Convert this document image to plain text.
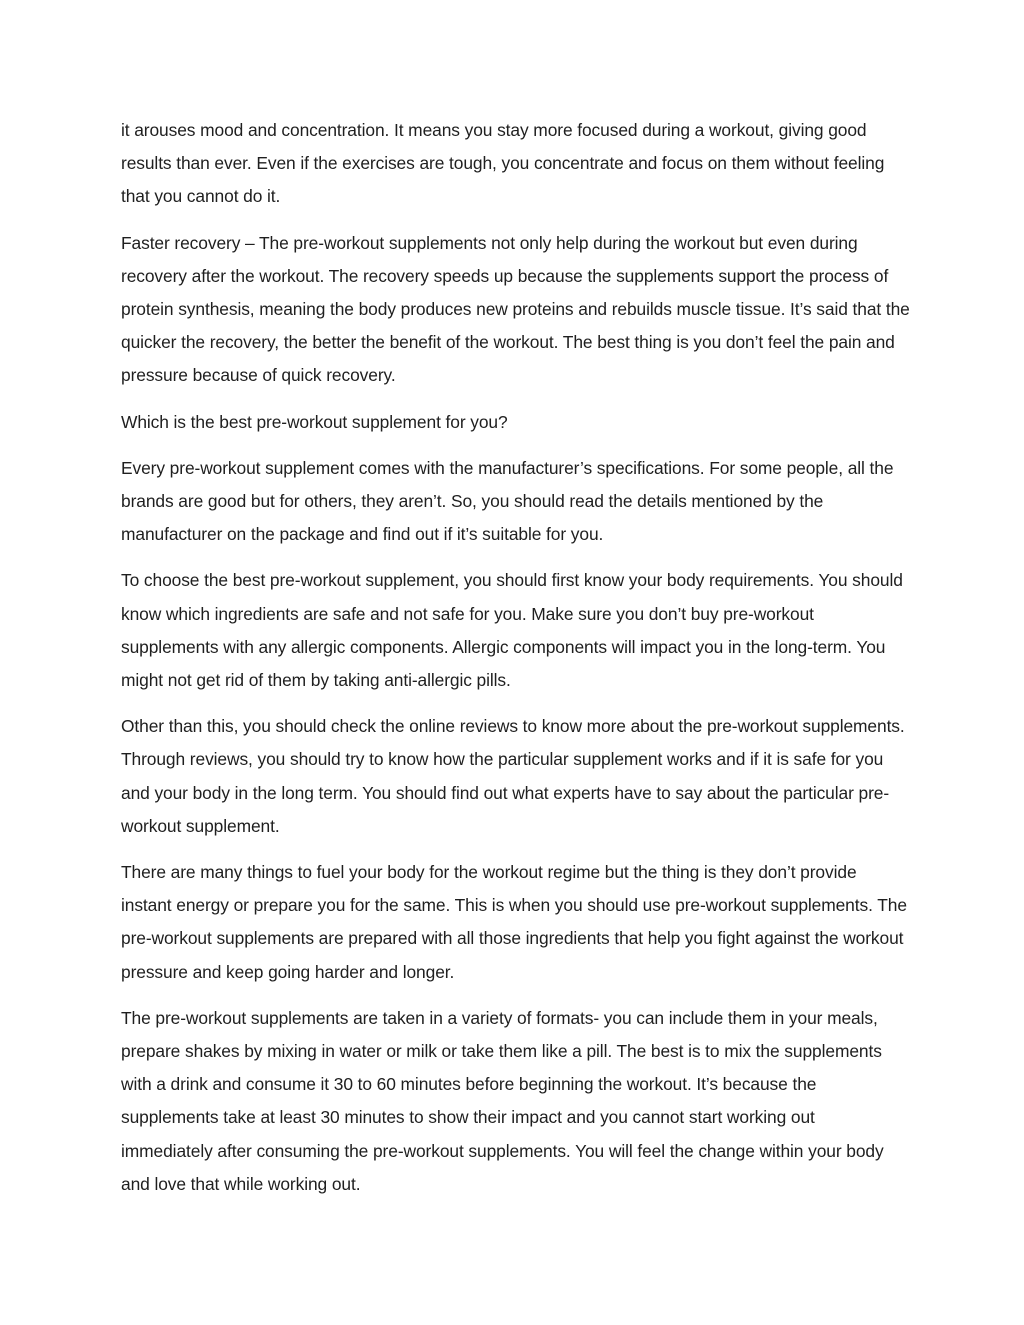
it arouses mood and concentration. It means you stay more focused during a workout, giving good results than ever. Even if the exercises are tough, you concentrate and focus on them without feeling that you cannot do it.

Faster recovery – The pre-workout supplements not only help during the workout but even during recovery after the workout. The recovery speeds up because the supplements support the process of protein synthesis, meaning the body produces new proteins and rebuilds muscle tissue. It’s said that the quicker the recovery, the better the benefit of the workout. The best thing is you don’t feel the pain and pressure because of quick recovery.

Which is the best pre-workout supplement for you?

Every pre-workout supplement comes with the manufacturer’s specifications. For some people, all the brands are good but for others, they aren’t. So, you should read the details mentioned by the manufacturer on the package and find out if it’s suitable for you.

To choose the best pre-workout supplement, you should first know your body requirements. You should know which ingredients are safe and not safe for you. Make sure you don’t buy pre-workout supplements with any allergic components. Allergic components will impact you in the long-term. You might not get rid of them by taking anti-allergic pills.

Other than this, you should check the online reviews to know more about the pre-workout supplements. Through reviews, you should try to know how the particular supplement works and if it is safe for you and your body in the long term. You should find out what experts have to say about the particular pre-workout supplement.

There are many things to fuel your body for the workout regime but the thing is they don’t provide instant energy or prepare you for the same. This is when you should use pre-workout supplements. The pre-workout supplements are prepared with all those ingredients that help you fight against the workout pressure and keep going harder and longer.

The pre-workout supplements are taken in a variety of formats- you can include them in your meals, prepare shakes by mixing in water or milk or take them like a pill. The best is to mix the supplements with a drink and consume it 30 to 60 minutes before beginning the workout. It’s because the supplements take at least 30 minutes to show their impact and you cannot start working out immediately after consuming the pre-workout supplements. You will feel the change within your body and love that while working out.
